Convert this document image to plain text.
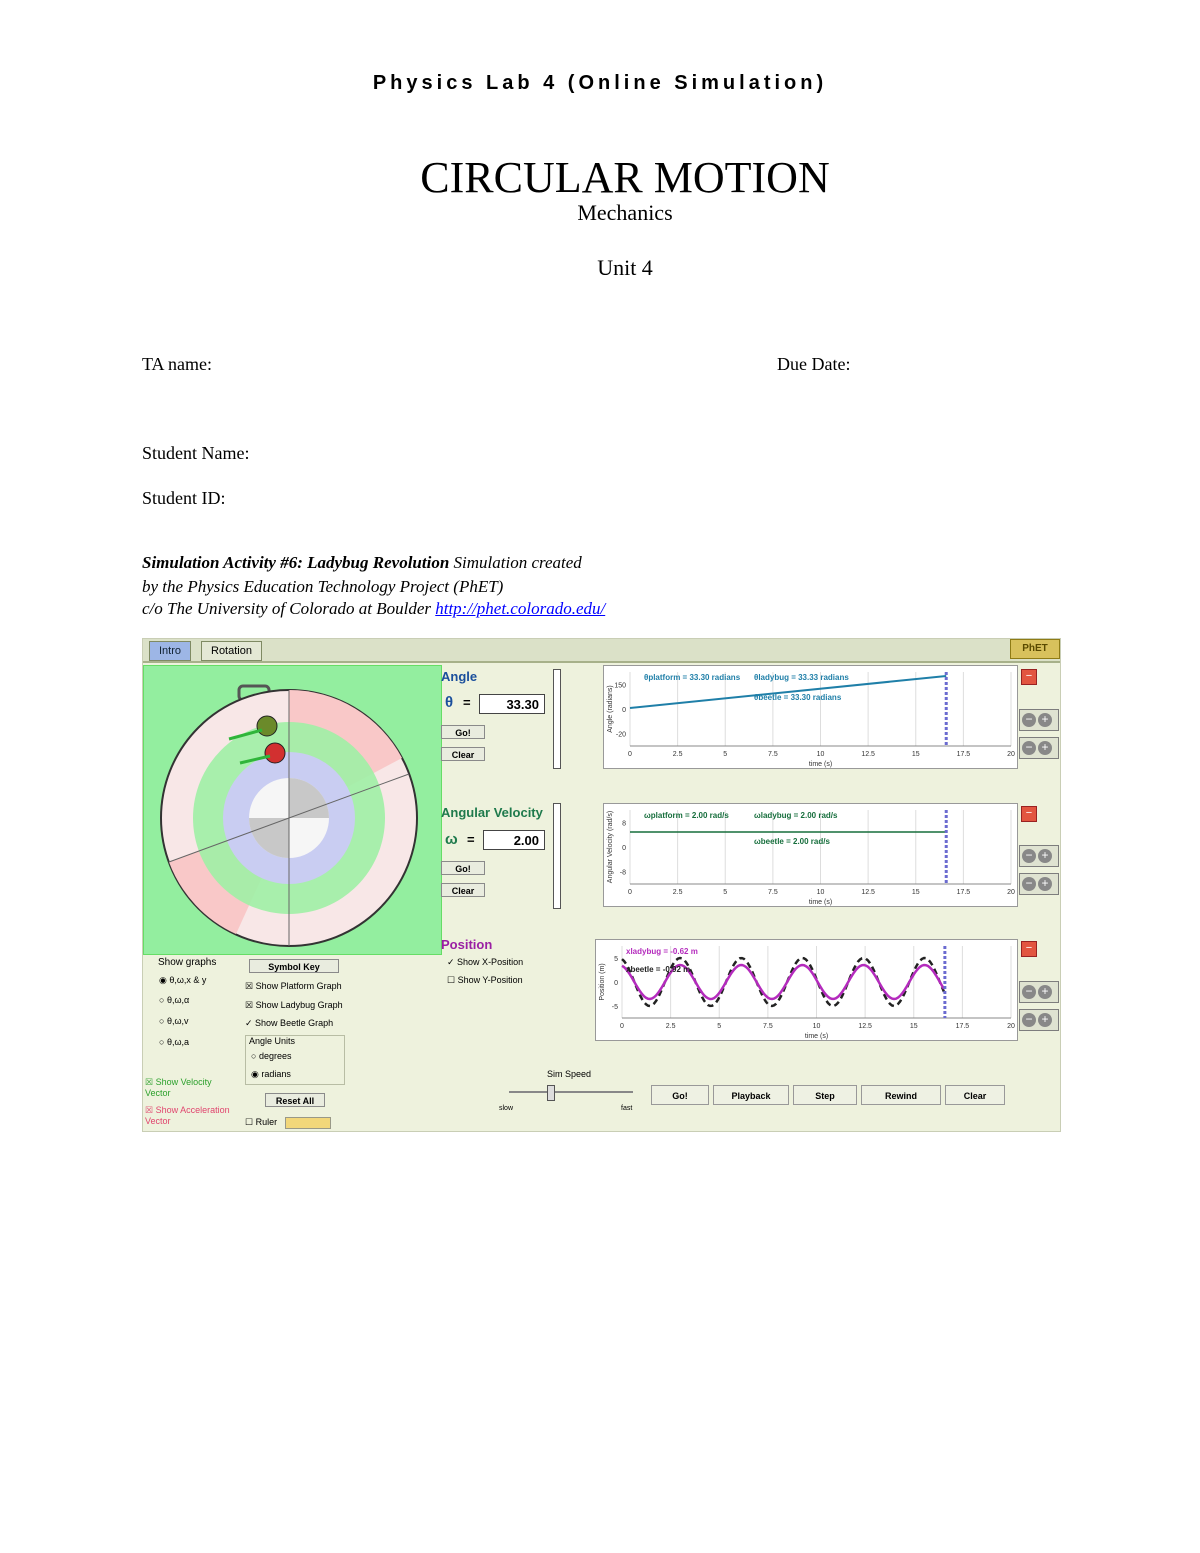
Physics Lab 4 (Online Simulation)
CIRCULAR MOTION
Mechanics
Unit 4
TA name:	Due Date:
Student Name:
Student ID:
Simulation Activity #6: Ladybug Revolution Simulation created
by the Physics Education Technology Project (PhET)
c/o The University of Colorado at Boulder http://phet.colorado.edu/
Intro	Rotation	PhET
Angle
θ =	33.30
Go!
Clear	0	2.5	5	7.5	10	12.5	15	17.5	20
150
0
-20
time (s)
Angle (radians)
θplatform = 33.30 radians θladybug = 33.33 radians
θbeetle = 33.30 radians
−
Angular Velocity
ω =	2.00
Go!
Clear	0	2.5	5	7.5	10	12.5	15	17.5	20
8
0
-8
time (s)
Angular Velocity (rad/s)	ωplatform = 2.00 rad/s	ωladybug = 2.00 rad/s
ωbeetle = 2.00 rad/s
−
Position
✓ Show X-Position
☐ Show Y-Position
0	2.5	5	7.5	10	12.5	15	17.5	20
5
0
-5
time (s)
Position (m)
xladybug = -0.62 m
xbeetle = -0.92 m
−
− +
− +
− +
− +
− +
− +
Show graphs
◉ θ,ω,x & y
○ θ,ω,α
○ θ,ω,v
○ θ,ω,a
Symbol Key
☒ Show Platform Graph
☒ Show Ladybug Graph
✓ Show Beetle Graph
Angle Units
○ degrees
◉ radians
☒ Show Velocity Vector
☒ Show Acceleration Vector
Reset All
☐ Ruler
Sim Speed
slow	fast
Go!	Playback	Step	Rewind	Clear
